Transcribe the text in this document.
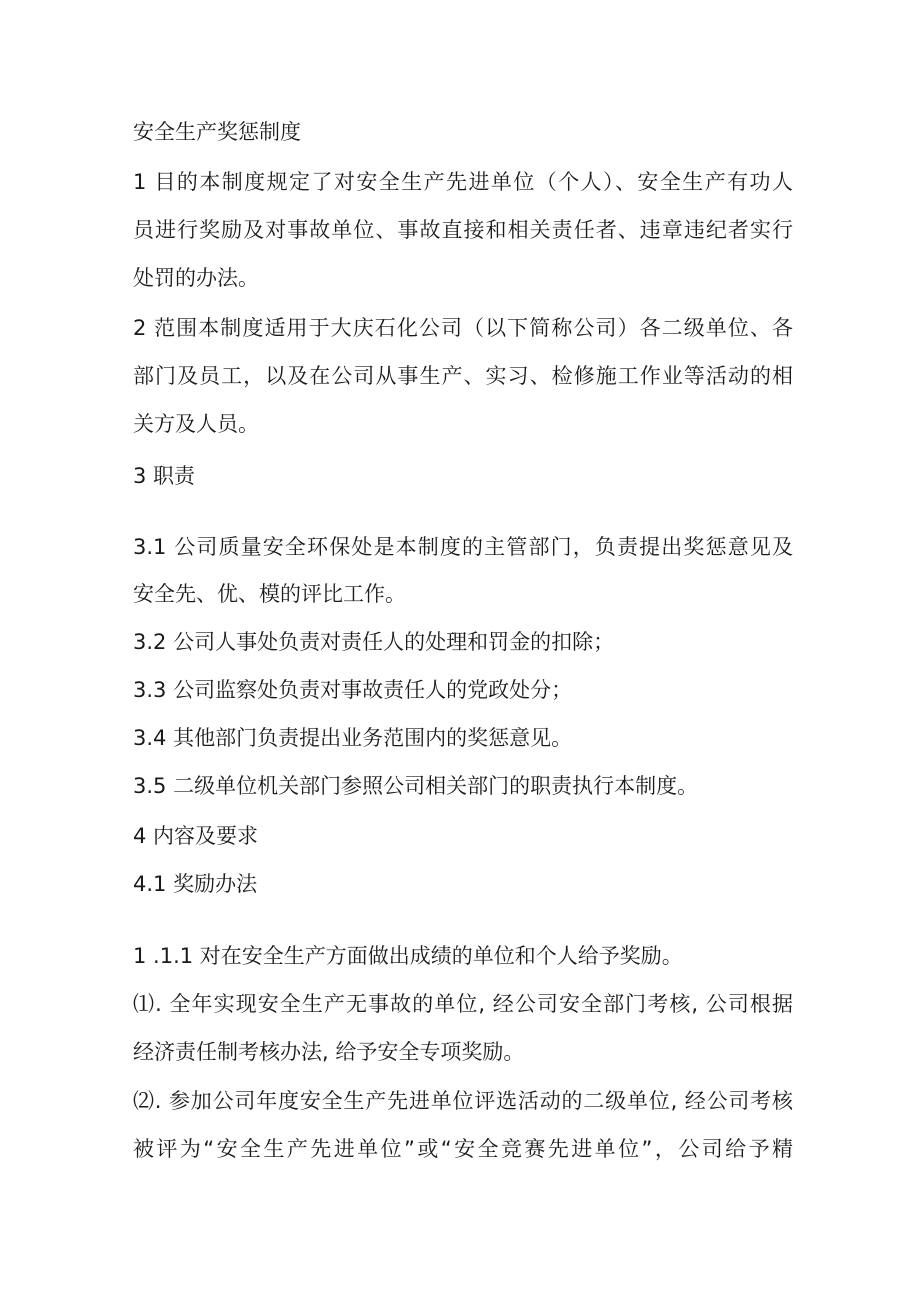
安全生产奖惩制度
1 目的本制度规定了对安全生产先进单位（个人）、安全生产有功人
员进行奖励及对事故单位、事故直接和相关责任者、违章违纪者实行
处罚的办法。
2 范围本制度适用于大庆石化公司（以下简称公司）各二级单位、各
部门及员工，以及在公司从事生产、实习、检修施工作业等活动的相
关方及人员。
3 职责
3.1 公司质量安全环保处是本制度的主管部门，负责提出奖惩意见及
安全先、优、模的评比工作。
3.2 公司人事处负责对责任人的处理和罚金的扣除；
3.3 公司监察处负责对事故责任人的党政处分；
3.4 其他部门负责提出业务范围内的奖惩意见。
3.5 二级单位机关部门参照公司相关部门的职责执行本制度。
4 内容及要求
4.1 奖励办法
1 .1.1 对在安全生产方面做出成绩的单位和个人给予奖励。
⑴. 全年实现安全生产无事故的单位, 经公司安全部门考核, 公司根据
经济责任制考核办法, 给予安全专项奖励。
⑵. 参加公司年度安全生产先进单位评选活动的二级单位, 经公司考核
被评为“安全生产先进单位”或“安全竞赛先进单位”，公司给予精
